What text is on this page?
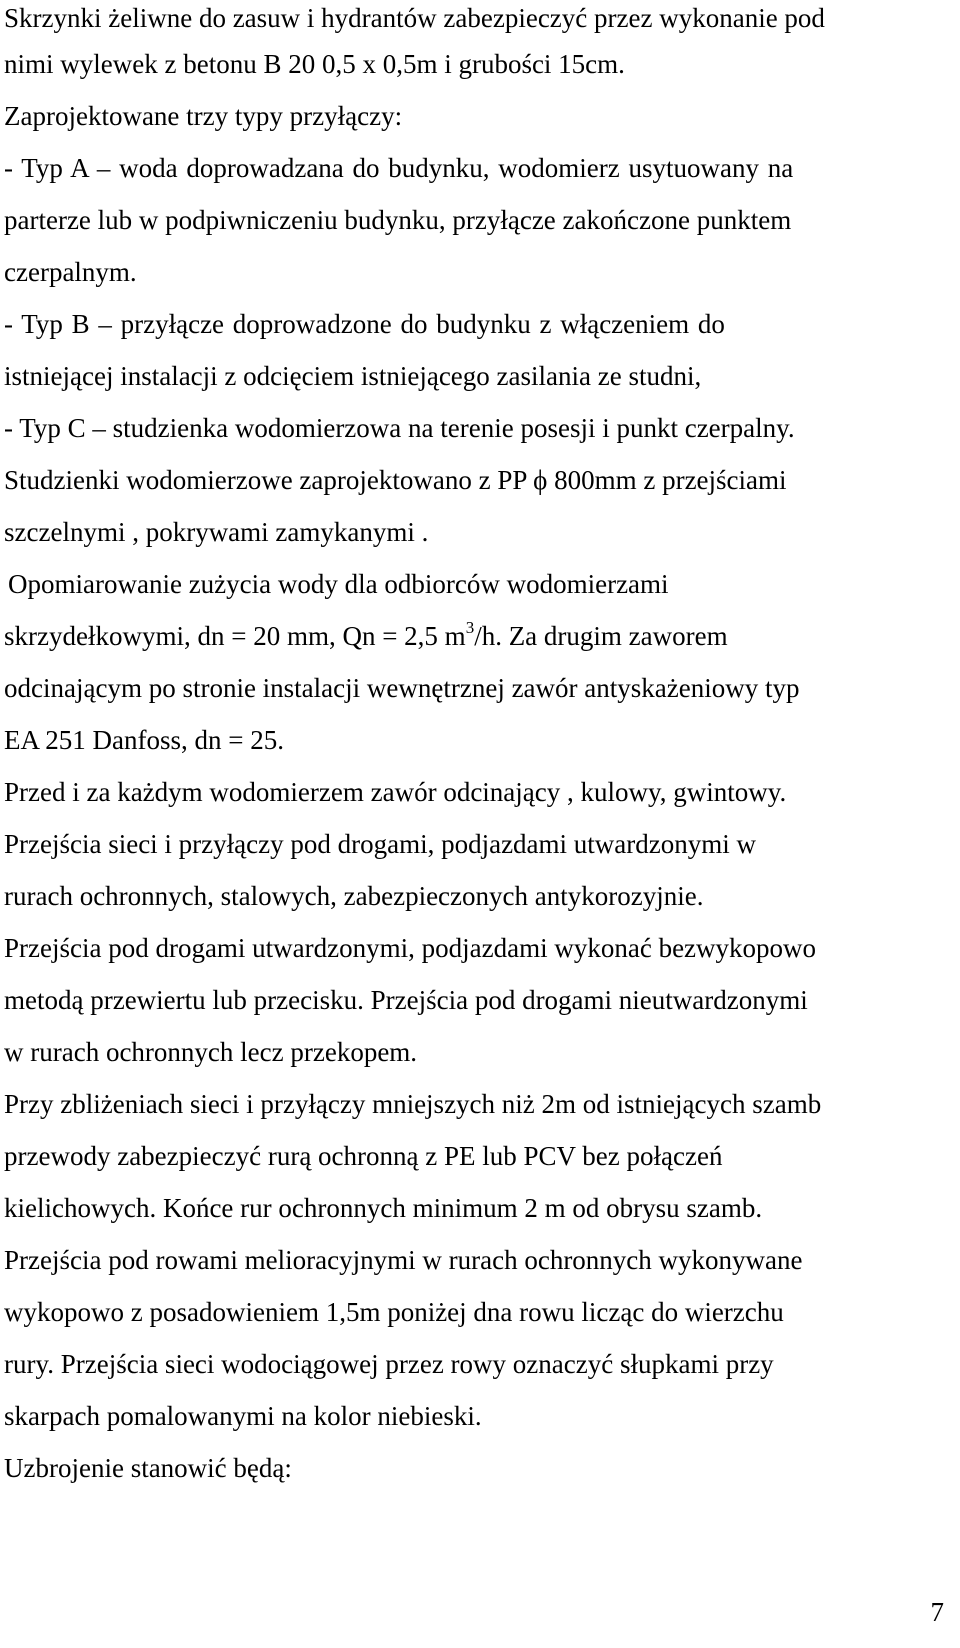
Skrzynki żeliwne do zasuw i hydrantów zabezpieczyć przez wykonanie pod
nimi wylewek z betonu B 20 0,5 x 0,5m i grubości 15cm.
Zaprojektowane trzy typy przyłączy:
- Typ A – woda doprowadzana do budynku, wodomierz usytuowany na
parterze lub w podpiwniczeniu budynku, przyłącze zakończone punktem
czerpalnym.
- Typ B – przyłącze doprowadzone do budynku z włączeniem do
istniejącej instalacji z odcięciem istniejącego zasilania ze studni,
- Typ C – studzienka wodomierzowa na terenie posesji i punkt czerpalny.
Studzienki wodomierzowe zaprojektowano z PP ϕ 800mm z przejściami
szczelnymi , pokrywami zamykanymi .
Opomiarowanie zużycia wody dla odbiorców wodomierzami
skrzydełkowymi, dn = 20 mm, Qn = 2,5 $m^3/h$. Za drugim zaworem
odcinającym po stronie instalacji wewnętrznej zawór antyskażeniowy typ
EA 251 Danfoss, dn = 25.
Przed i za każdym wodomierzem zawór odcinający , kulowy, gwintowy.
Przejścia sieci i przyłączy pod drogami, podjazdami utwardzonymi w
rurach ochronnych, stalowych, zabezpieczonych antykorozyjnie.
Przejścia pod drogami utwardzonymi, podjazdami wykonać bezwykopowo
metodą przewiertu lub przecisku. Przejścia pod drogami nieutwardzonymi
w rurach ochronnych lecz przekopem.
Przy zbliżeniach sieci i przyłączy mniejszych niż 2m od istniejących szamb
przewody zabezpieczyć rurą ochronną z PE lub PCV bez połączeń
kielichowych. Końce rur ochronnych minimum 2 m od obrysu szamb.
Przejścia pod rowami melioracyjnymi w rurach ochronnych wykonywane
wykopowo z posadowieniem 1,5m poniżej dna rowu licząc do wierzchu
rury. Przejścia sieci wodociągowej przez rowy oznaczyć słupkami przy
skarpach pomalowanymi na kolor niebieski.
Uzbrojenie stanowić będą:
7
